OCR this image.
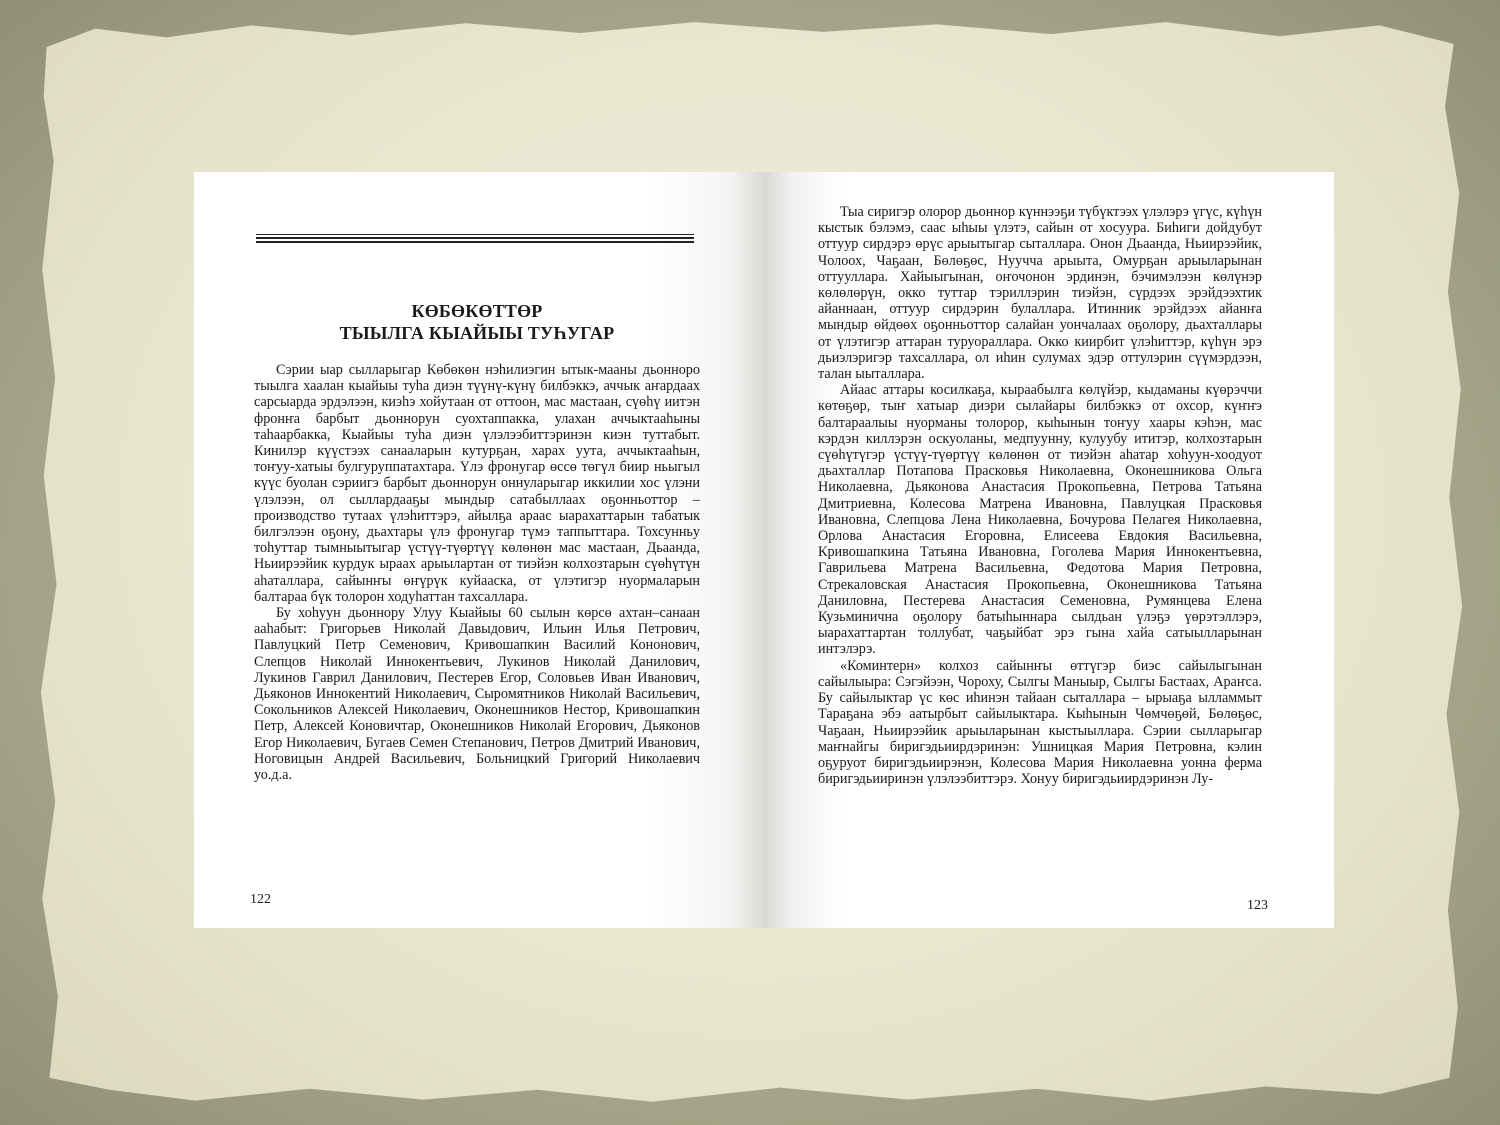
КӨБӨКӨТТӨР
ТЫЫЛГА КЫАЙЫЫ ТУҺУГАР

Сэрии ыар сылларыгар Көбөкөн нэһилиэгин ытык-мааны дьонноро тыылга хаалан кыайыы туһа диэн түүнү-күнү билбэккэ, аччык аҥардаах сарсыарда эрдэлээн, киэһэ хойутаан от оттоон, мас мастаан, сүөһү иитэн фронҥа барбыт дьоннорун суохтаппакка, улахан аччыктааһыны таһаарбакка, Кыайыы туһа диэн үлэлээбиттэринэн киэн туттабыт. Кинилэр күүстээх санааларын кутурҕан, харах уута, аччыктааһын, тоҥуу-хатыы булгуруппатахтара. Үлэ фронугар өссө төгүл биир ньыгыл күүс буолан сэриигэ барбыт дьоннорун оннуларыгар иккилии хос үлэни үлэлээн, ол сыллардааҕы мындыр сатабыллаах оҕонньоттор – производство тутаах үлэһиттэрэ, айылҕа араас ыарахаттарын табатык билгэлээн оҕону, дьахтары үлэ фронугар түмэ таппыттара. Тохсунньу тоһуттар тымныытыгар үстүү-түөртүү көлөнөн мас мастаан, Дьаанда, Ньиирээйик курдук ыраах арыылартан от тиэйэн колхозтарын сүөһүтүн аһаталлара, сайынҥы өҥүрүк куйааска, от үлэтигэр нуормаларын балтараа бүк толорон ходуһаттан тахсаллара.

Бу хоһуун дьоннору Улуу Кыайыы 60 сылын көрсө ахтан–санаан ааһабыт: Григорьев Николай Давыдович, Ильин Илья Петрович, Павлуцкий Петр Семенович, Кривошапкин Василий Кононович, Слепцов Николай Иннокентьевич, Лукинов Николай Данилович, Лукинов Гаврил Данилович, Пестерев Егор, Соловьев Иван Иванович, Дьяконов Иннокентий Николаевич, Сыромятников Николай Васильевич, Сокольников Алексей Николаевич, Оконешников Нестор, Кривошапкин Петр, Алексей Коновичтар, Оконешников Николай Егорович, Дьяконов Егор Николаевич, Бугаев Семен Степанович, Петров Дмитрий Иванович, Ноговицын Андрей Васильевич, Больницкий Григорий Николаевич уо.д.а.

122

Тыа сиригэр олорор дьоннор күннээҕи түбүктээх үлэлэрэ үгүс, күһүн кыстык бэлэмэ, саас ыһыы үлэтэ, сайын от хосуура. Биһиги дойдубут оттуур сирдэрэ өрүс арыытыгар сыталлара. Онон Дьаанда, Ньиирээйик, Чолоох, Чаҕаан, Бөлөҕөс, Нуучча арыыта, Омурҕан арыыларынан оттууллара. Хайыыгынан, оҥочонон эрдинэн, бэчимэлээн көлүнэр көлөлөрүн, окко туттар тэриллэрин тиэйэн, сүрдээх эрэйдээхтик айаннаан, оттуур сирдэрин булаллара. Итинник эрэйдээх айанҥа мындыр өйдөөх оҕонньоттор салайан уончалаах оҕолору, дьахталлары от үлэтигэр аттаран туруораллара. Окко киирбит үлэһиттэр, күһүн эрэ дьиэлэригэр тахсаллара, ол иһин сулумах эдэр оттулэрин сүүмэрдээн, талан ыыталлара.

Айаас аттары косилкаҕа, кыраабылга көлүйэр, кыдаманы күөрэччи көтөҕөр, тыҥ хатыар диэри сылайары билбэккэ от охсор, күҥҥэ балтараалыы нуорманы толорор, кыһынын тоҥуу хаары кэһэн, мас кэрдэн киллэрэн оскуоланы, медпуунну, кулуубу ититэр, колхозтарын сүөһүтүгэр үстүү-түөртүү көлөнөн от тиэйэн аһатар хоһуун-хоодуот дьахталлар Потапова Прасковья Николаевна, Оконешникова Ольга Николаевна, Дьяконова Анастасия Прокопьевна, Петрова Татьяна Дмитриевна, Колесова Матрена Ивановна, Павлуцкая Прасковья Ивановна, Слепцова Лена Николаевна, Бочурова Пелагея Николаевна, Орлова Анастасия Егоровна, Елисеева Евдокия Васильевна, Кривошапкина Татьяна Ивановна, Гоголева Мария Иннокентьевна, Гаврильева Матрена Васильевна, Федотова Мария Петровна, Стрекаловская Анастасия Прокопьевна, Оконешникова Татьяна Даниловна, Пестерева Анастасия Семеновна, Румянцева Елена Кузьминична оҕолору батыһыннара сылдьан үлэҕэ үөрэтэллэрэ, ыарахаттартан толлубат, чаҕыйбат эрэ гына хайа сатыылларынан интэлэрэ.

«Коминтерн» колхоз сайынҥы өттүгэр биэс сайылыгынан сайылыыра: Сэгэйээн, Чороху, Сылгы Маныыр, Сылгы Бастаах, Араҥса. Бу сайылыктар үс көс иһинэн тайаан сыталлара – ырыаҕа ылламмыт Тараҕана эбэ аатырбыт сайылыктара. Кыһынын Чөмчөҕөй, Бөлөҕөс, Чаҕаан, Ньиирээйик арыыларынан кыстыыллара. Сэрии сылларыгар маҥнайгы биригэдьиирдэринэн: Ушницкая Мария Петровна, кэлин оҕуруот биригэдьиирэнэн, Колесова Мария Николаевна уонна ферма биригэдьииринэн үлэлээбиттэрэ. Хонуу биригэдьиирдэринэн Лу-

123
